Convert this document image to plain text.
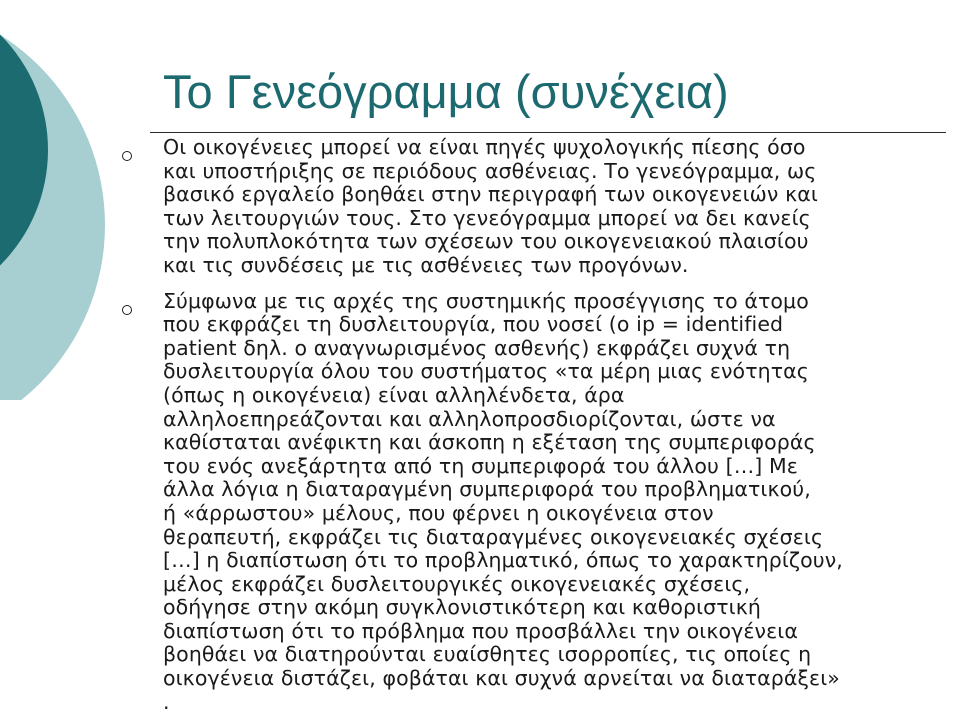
Το Γενεόγραμμα (συνέχεια)
Οι οικογένειες μπορεί να είναι πηγές ψυχολογικής πίεσης όσο
και υποστήριξης σε περιόδους ασθένειας. Το γενεόγραμμα, ως
βασικό εργαλείο βοηθάει στην περιγραφή των οικογενειών και
των λειτουργιών τους. Στο γενεόγραμμα μπορεί να δει κανείς
την πολυπλοκότητα των σχέσεων του οικογενειακού πλαισίου
και τις συνδέσεις με τις ασθένειες των προγόνων.
Σύμφωνα με τις αρχές της συστημικής προσέγγισης το άτομο
που εκφράζει τη δυσλειτουργία, που νοσεί (ο ip = identified
patient δηλ. ο αναγνωρισμένος ασθενής) εκφράζει συχνά τη
δυσλειτουργία όλου του συστήματος «τα μέρη μιας ενότητας
(όπως η οικογένεια) είναι αλληλένδετα, άρα
αλληλοεπηρεάζονται και αλληλοπροσδιορίζονται, ώστε να
καθίσταται ανέφικτη και άσκοπη η εξέταση της συμπεριφοράς
του ενός ανεξάρτητα από τη συμπεριφορά του άλλου […] Με
άλλα λόγια η διαταραγμένη συμπεριφορά του προβληματικού,
ή «άρρωστου» μέλους, που φέρνει η οικογένεια στον
θεραπευτή, εκφράζει τις διαταραγμένες οικογενειακές σχέσεις
[…] η διαπίστωση ότι το προβληματικό, όπως το χαρακτηρίζουν,
μέλος εκφράζει δυσλειτουργικές οικογενειακές σχέσεις,
οδήγησε στην ακόμη συγκλονιστικότερη και καθοριστική
διαπίστωση ότι το πρόβλημα που προσβάλλει την οικογένεια
βοηθάει να διατηρούνται ευαίσθητες ισορροπίες, τις οποίες η
οικογένεια διστάζει, φοβάται και συχνά αρνείται να διαταράξει»
.
